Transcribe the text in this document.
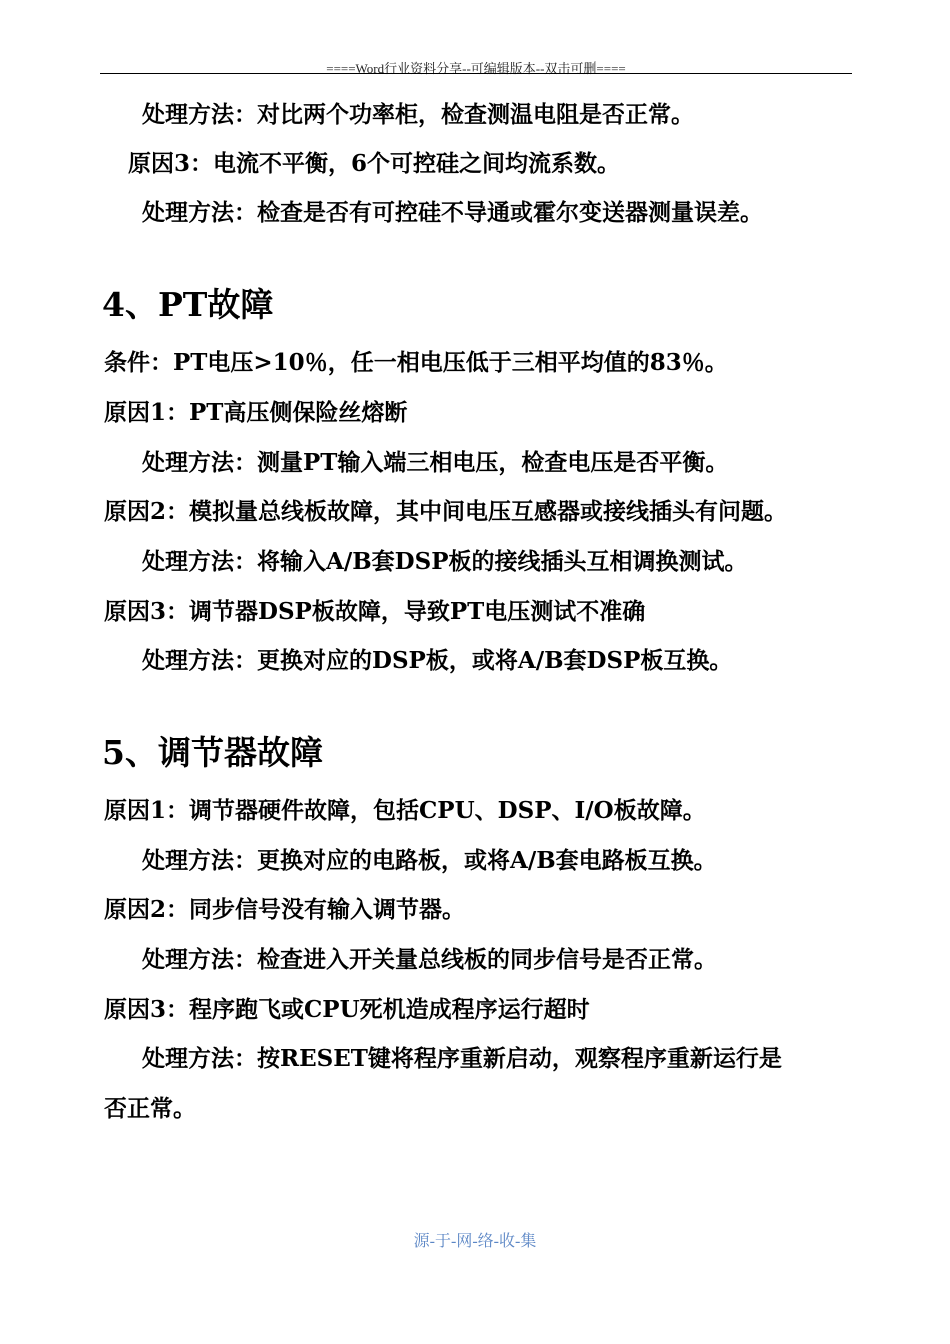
====Word行业资料分享--可编辑版本--双击可删====
处理方法：对比两个功率柜，检查测温电阻是否正常。
原因3：电流不平衡，6个可控硅之间均流系数。
处理方法：检查是否有可控硅不导通或霍尔变送器测量误差。
4、PT故障
条件：PT电压>10％，任一相电压低于三相平均值的83％。
原因1：PT高压侧保险丝熔断
处理方法：测量PT输入端三相电压，检查电压是否平衡。
原因2：模拟量总线板故障，其中间电压互感器或接线插头有问题。
处理方法：将输入A/B套DSP板的接线插头互相调换测试。
原因3：调节器DSP板故障，导致PT电压测试不准确
处理方法：更换对应的DSP板，或将A/B套DSP板互换。
5、调节器故障
原因1：调节器硬件故障，包括CPU、DSP、I/O板故障。
处理方法：更换对应的电路板，或将A/B套电路板互换。
原因2：同步信号没有输入调节器。
处理方法：检查进入开关量总线板的同步信号是否正常。
原因3：程序跑飞或CPU死机造成程序运行超时
处理方法：按RESET键将程序重新启动，观察程序重新运行是
否正常。
源-于-网-络-收-集
